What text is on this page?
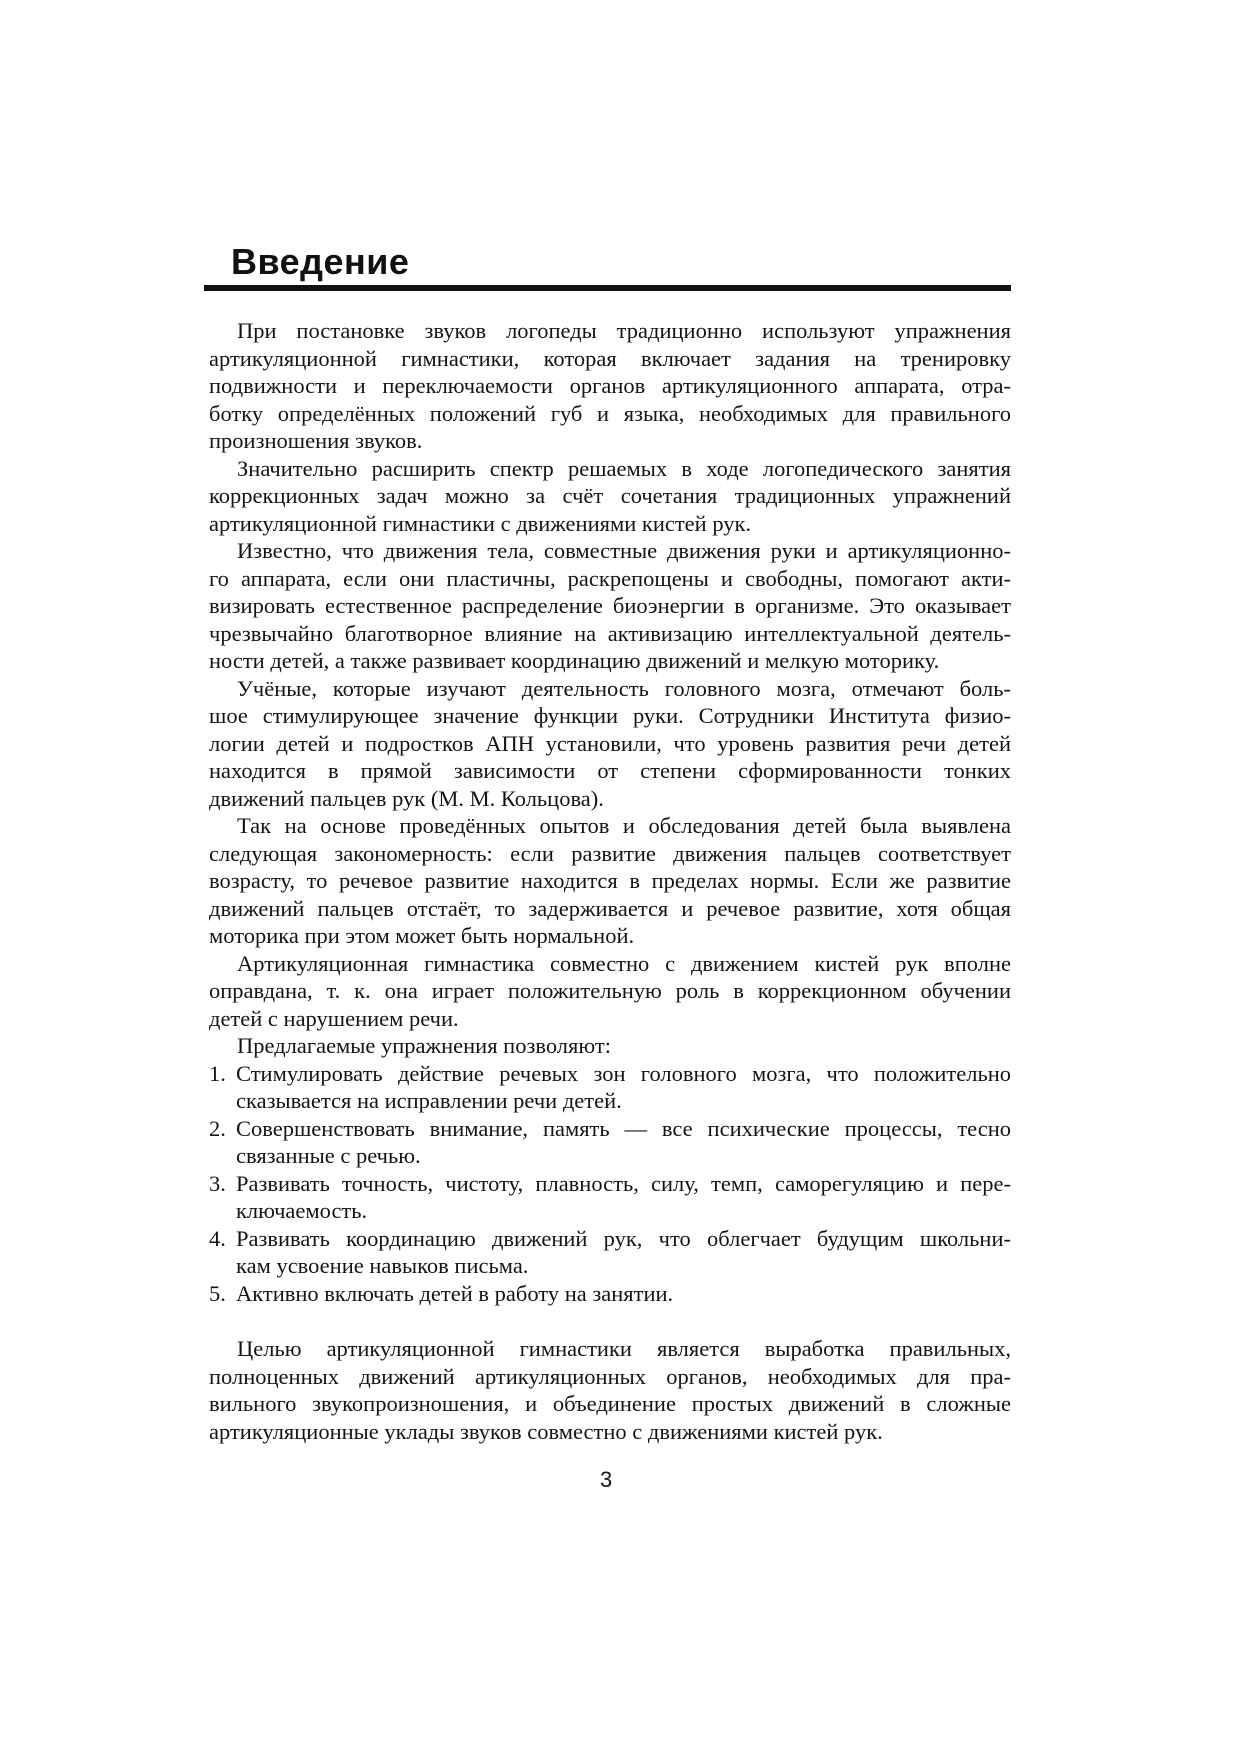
Введение
При постановке звуков логопеды традиционно используют упражнения
артикуляционной гимнастики, которая включает задания на тренировку
подвижности и переключаемости органов артикуляционного аппарата, отра-
ботку определённых положений губ и языка, необходимых для правильного
произношения звуков.
Значительно расширить спектр решаемых в ходе логопедического занятия
коррекционных задач можно за счёт сочетания традиционных упражнений
артикуляционной гимнастики с движениями кистей рук.
Известно, что движения тела, совместные движения руки и артикуляционно-
го аппарата, если они пластичны, раскрепощены и свободны, помогают акти-
визировать естественное распределение биоэнергии в организме. Это оказывает
чрезвычайно благотворное влияние на активизацию интеллектуальной деятель-
ности детей, а также развивает координацию движений и мелкую моторику.
Учёные, которые изучают деятельность головного мозга, отмечают боль-
шое стимулирующее значение функции руки. Сотрудники Института физио-
логии детей и подростков АПН установили, что уровень развития речи детей
находится в прямой зависимости от степени сформированности тонких
движений пальцев рук (М. М. Кольцова).
Так на основе проведённых опытов и обследования детей была выявлена
следующая закономерность: если развитие движения пальцев соответствует
возрасту, то речевое развитие находится в пределах нормы. Если же развитие
движений пальцев отстаёт, то задерживается и речевое развитие, хотя общая
моторика при этом может быть нормальной.
Артикуляционная гимнастика совместно с движением кистей рук вполне
оправдана, т. к. она играет положительную роль в коррекционном обучении
детей с нарушением речи.
Предлагаемые упражнения позволяют:
1. Стимулировать действие речевых зон головного мозга, что положительно
сказывается на исправлении речи детей.
2. Совершенствовать внимание, память — все психические процессы, тесно
связанные с речью.
3. Развивать точность, чистоту, плавность, силу, темп, саморегуляцию и пере-
ключаемость.
4. Развивать координацию движений рук, что облегчает будущим школьни-
кам усвоение навыков письма.
5. Активно включать детей в работу на занятии.
Целью артикуляционной гимнастики является выработка правильных,
полноценных движений артикуляционных органов, необходимых для пра-
вильного звукопроизношения, и объединение простых движений в сложные
артикуляционные уклады звуков совместно с движениями кистей рук.
3
